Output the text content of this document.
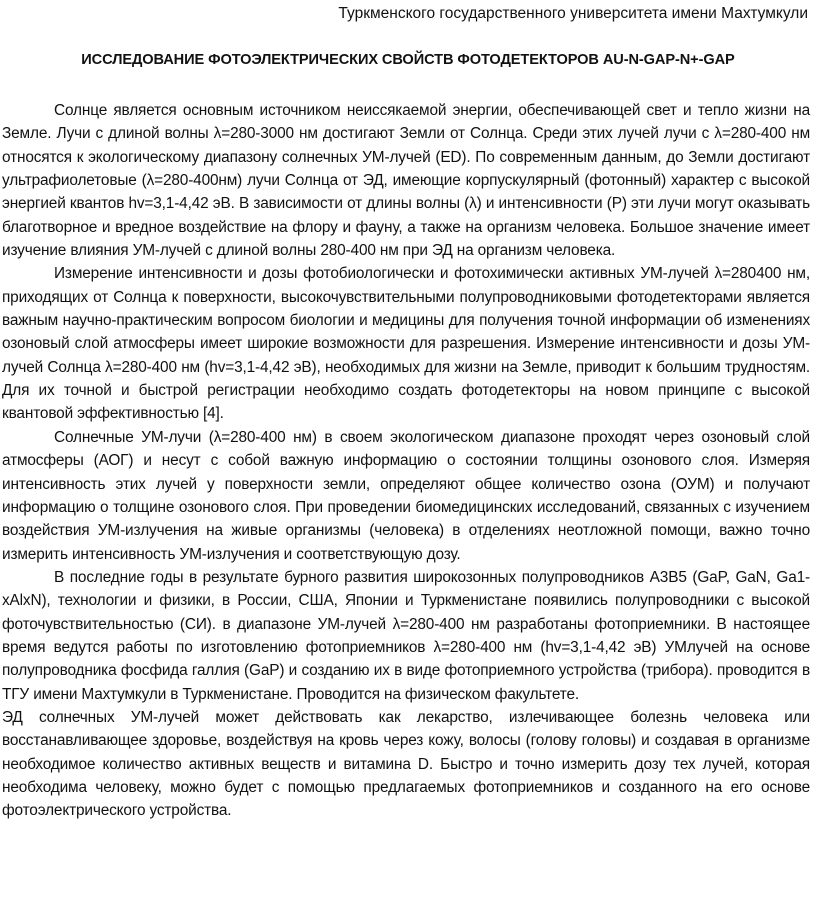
Туркменского государственного университета имени Махтумкули
ИССЛЕДОВАНИЕ ФОТОЭЛЕКТРИЧЕСКИХ СВОЙСТВ ФОТОДЕТЕКТОРОВ AU-N-GAP-N+-GAP

Солнце является основным источником неиссякаемой энергии, обеспечивающей свет и тепло жизни на Земле. Лучи с длиной волны λ=280-3000 нм достигают Земли от Солнца. Среди этих лучей лучи с λ=280-400 нм относятся к экологическому диапазону солнечных УМ-лучей (ED). По современным данным, до Земли достигают ультрафиолетовые (λ=280-400нм) лучи Солнца от ЭД, имеющие корпускулярный (фотонный) характер с высокой энергией квантов hv=3,1-4,42 эВ. В зависимости от длины волны (λ) и интенсивности (P) эти лучи могут оказывать благотворное и вредное воздействие на флору и фауну, а также на организм человека. Большое значение имеет изучение влияния УМ-лучей с длиной волны 280-400 нм при ЭД на организм человека.

Измерение интенсивности и дозы фотобиологически и фотохимически активных УМ-лучей λ=280400 нм, приходящих от Солнца к поверхности, высокочувствительными полупроводниковыми фотодетекторами является важным научно-практическим вопросом биологии и медицины для получения точной информации об изменениях озоновый слой атмосферы имеет широкие возможности для разрешения. Измерение интенсивности и дозы УМ-лучей Солнца λ=280-400 нм (hv=3,1-4,42 эВ), необходимых для жизни на Земле, приводит к большим трудностям. Для их точной и быстрой регистрации необходимо создать фотодетекторы на новом принципе с высокой квантовой эффективностью [4].

Солнечные УМ-лучи (λ=280-400 нм) в своем экологическом диапазоне проходят через озоновый слой атмосферы (АОГ) и несут с собой важную информацию о состоянии толщины озонового слоя. Измеряя интенсивность этих лучей у поверхности земли, определяют общее количество озона (ОУМ) и получают информацию о толщине озонового слоя. При проведении биомедицинских исследований, связанных с изучением воздействия УМ-излучения на живые организмы (человека) в отделениях неотложной помощи, важно точно измерить интенсивность УМ-излучения и соответствующую дозу.

В последние годы в результате бурного развития широкозонных полупроводников А3В5 (GaP, GaN, Ga1-xAlxN), технологии и физики, в России, США, Японии и Туркменистане появились полупроводники с высокой фоточувствительностью (СИ). в диапазоне УМ-лучей λ=280-400 нм разработаны фотоприемники. В настоящее время ведутся работы по изготовлению фотоприемников λ=280-400 нм (hv=3,1-4,42 эВ) УМлучей на основе полупроводника фосфида галлия (GaP) и созданию их в виде фотоприемного устройства (трибора). проводится в ТГУ имени Махтумкули в Туркменистане. Проводится на физическом факультете.

ЭД солнечных УМ-лучей может действовать как лекарство, излечивающее болезнь человека или восстанавливающее здоровье, воздействуя на кровь через кожу, волосы (голову головы) и создавая в организме необходимое количество активных веществ и витамина D. Быстро и точно измерить дозу тех лучей, которая необходима человеку, можно будет с помощью предлагаемых фотоприемников и созданного на его основе фотоэлектрического устройства.
